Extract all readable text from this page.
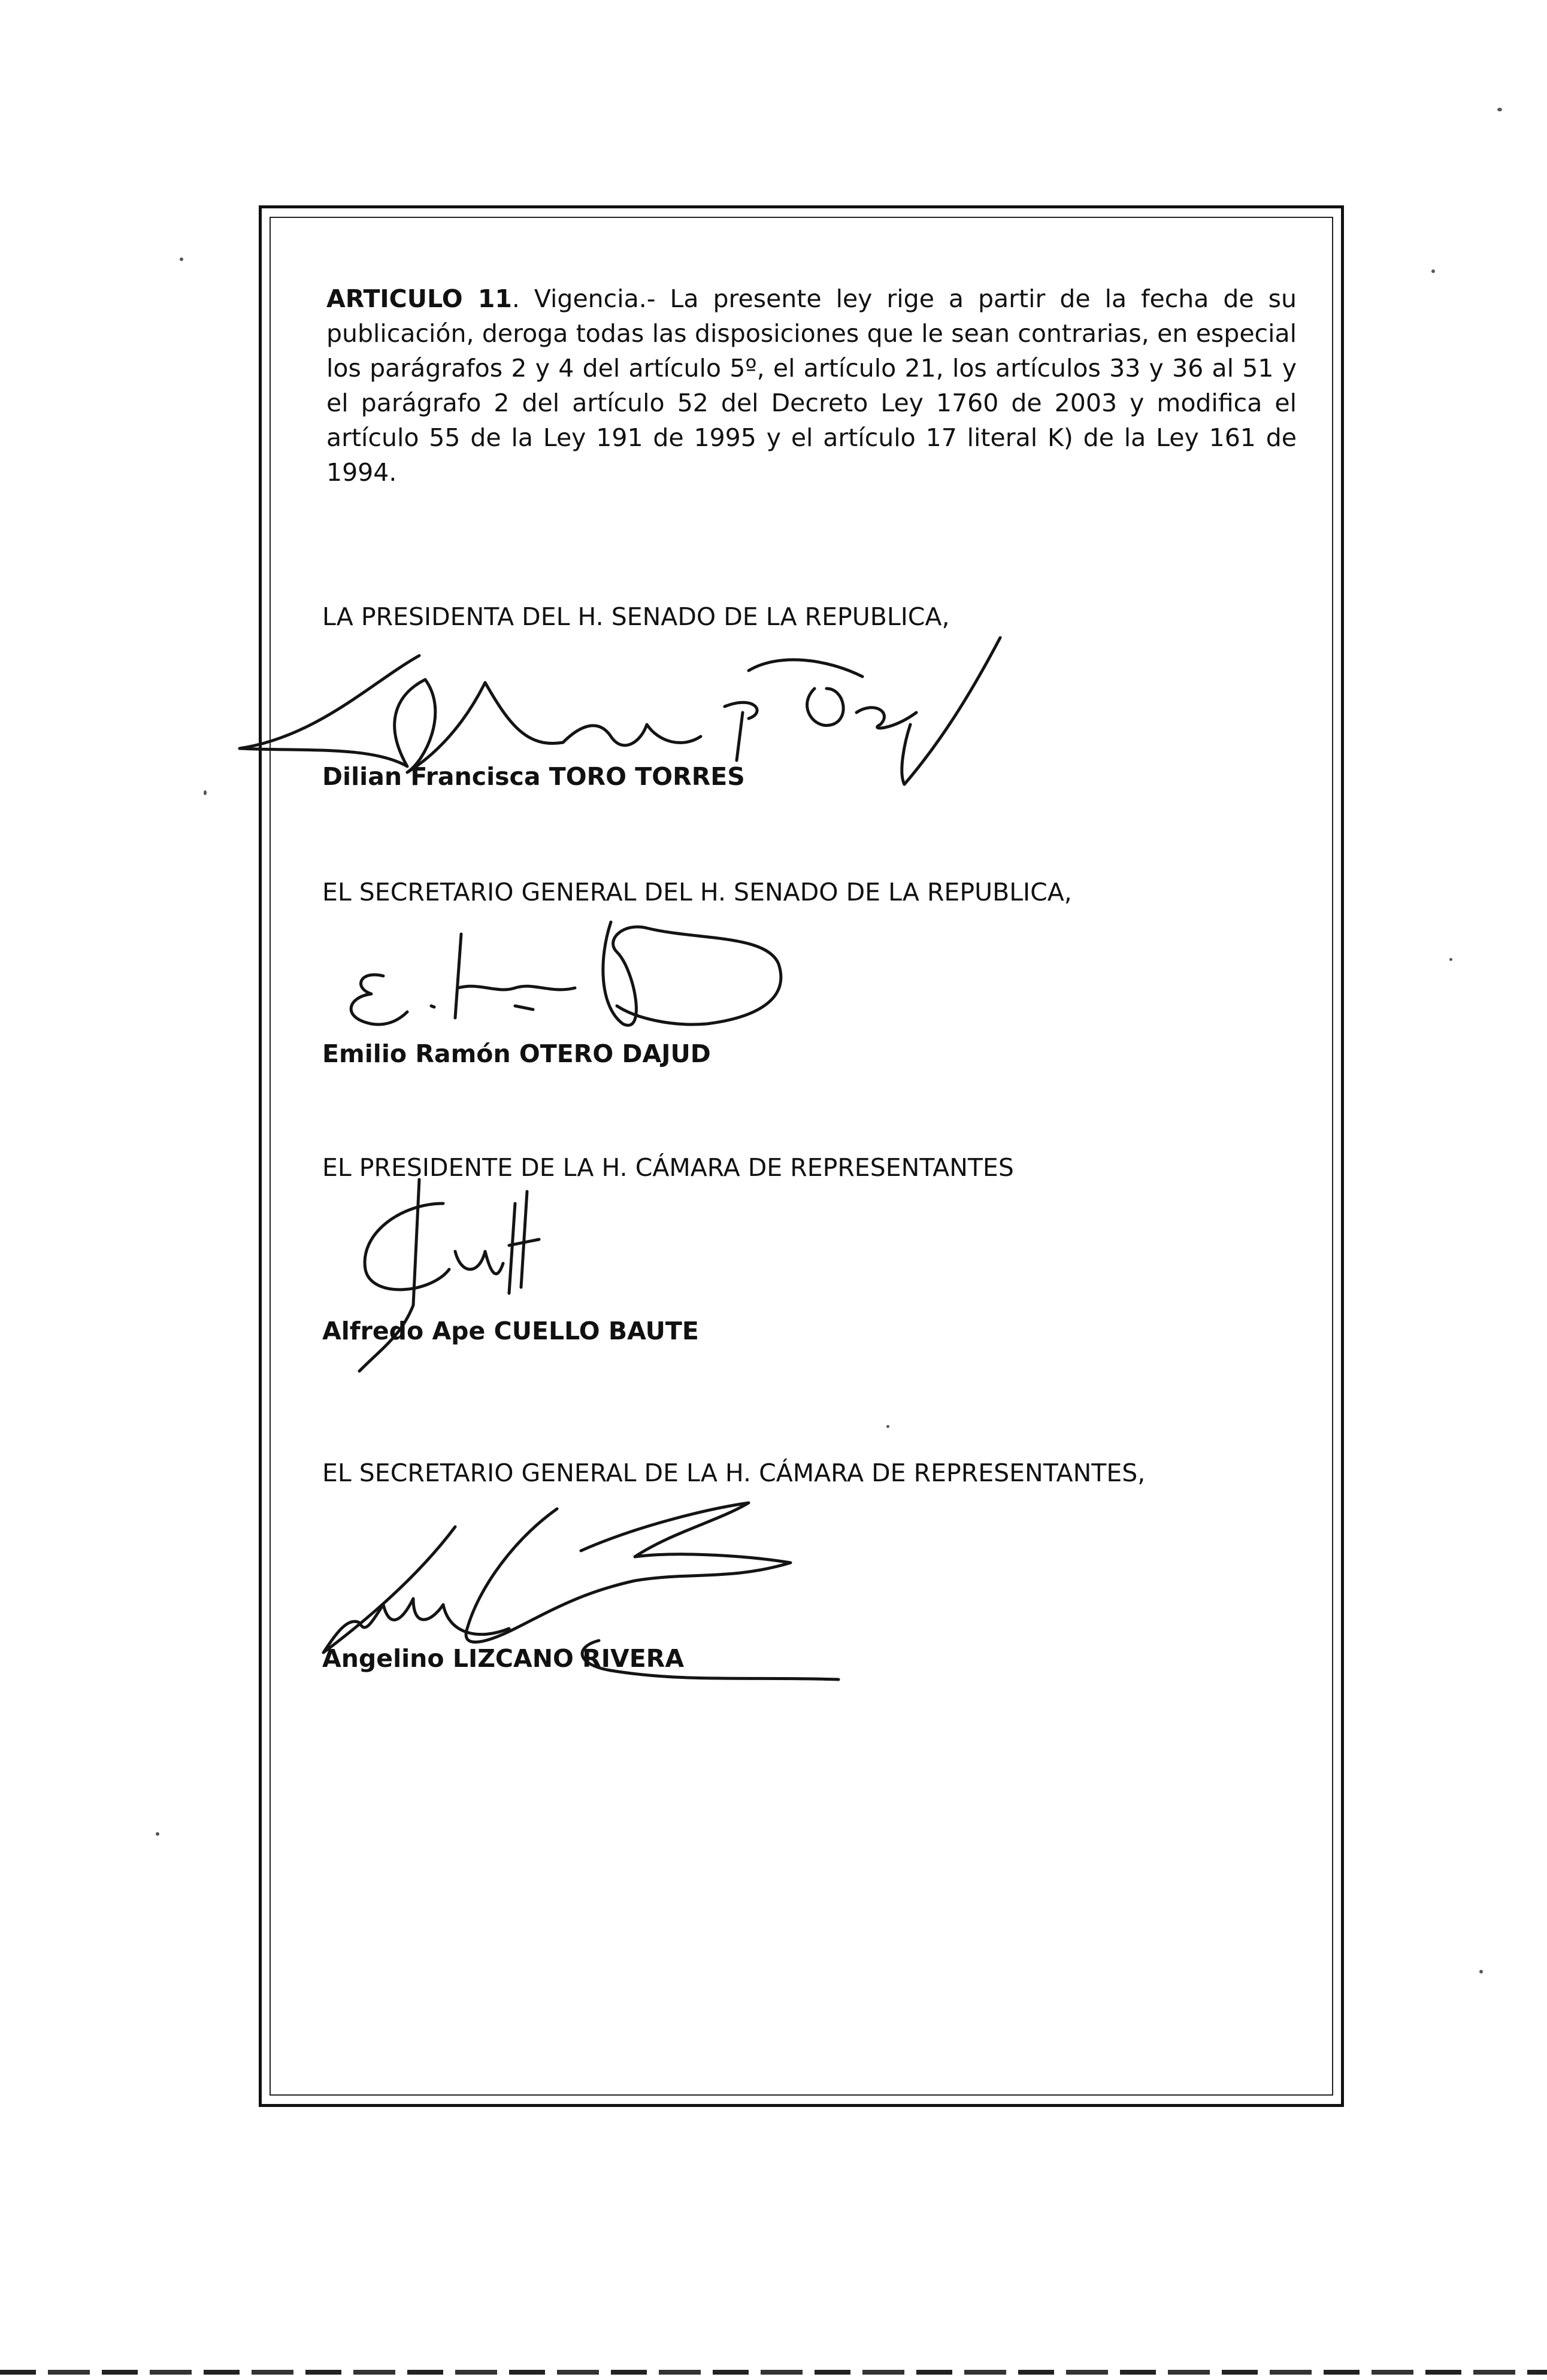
ARTICULO 11. Vigencia.- La presente ley rige a partir de la fecha de su publicación, deroga todas las disposiciones que le sean contrarias, en especial los parágrafos 2 y 4 del artículo 5º, el artículo 21, los artículos 33 y 36 al 51 y el parágrafo 2 del artículo 52 del Decreto Ley 1760 de 2003 y modifica el artículo 55 de la Ley 191 de 1995 y el artículo 17 literal K) de la Ley 161 de 1994.
LA PRESIDENTA DEL H. SENADO DE LA REPUBLICA,
Dilian Francisca TORO TORRES
EL SECRETARIO GENERAL DEL H. SENADO DE LA REPUBLICA,
Emilio Ramón OTERO DAJUD
EL PRESIDENTE DE LA H. CÁMARA DE REPRESENTANTES
Alfredo Ape CUELLO BAUTE
EL SECRETARIO GENERAL DE LA H. CÁMARA DE REPRESENTANTES,
Angelino LIZCANO RIVERA
